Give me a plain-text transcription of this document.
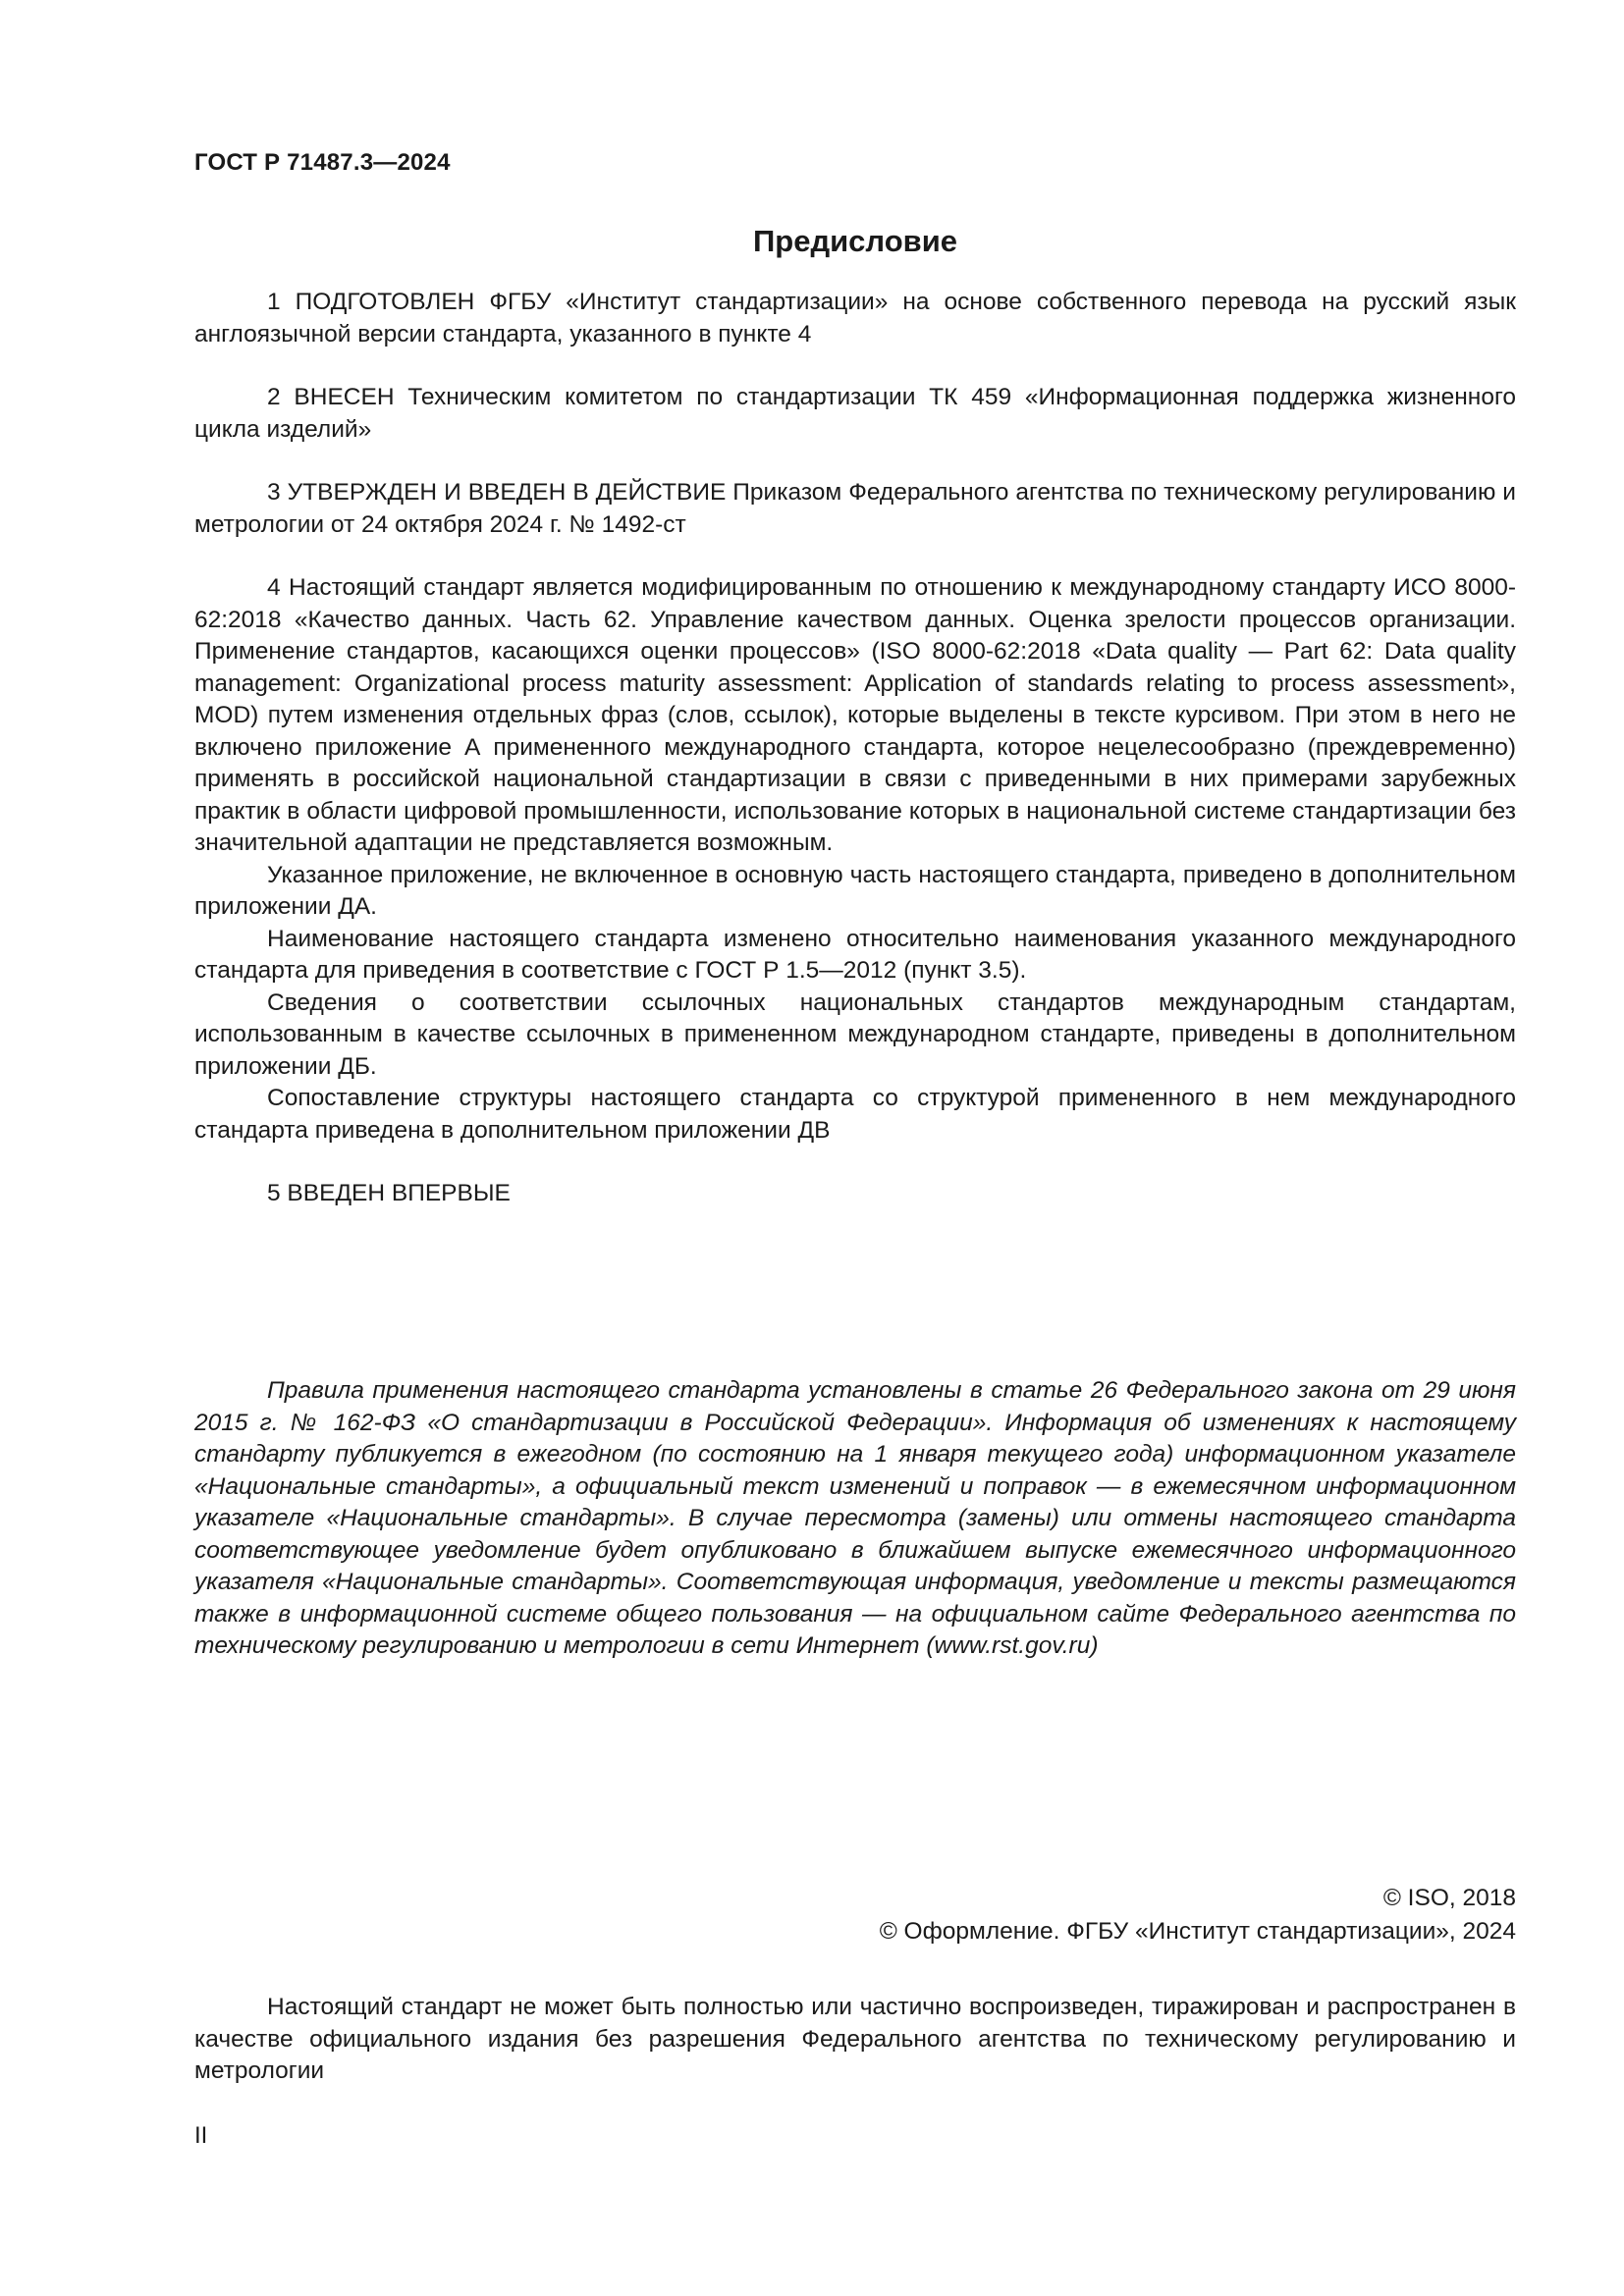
ГОСТ Р 71487.3—2024
Предисловие

1 ПОДГОТОВЛЕН ФГБУ «Институт стандартизации» на основе собственного перевода на русский язык англоязычной версии стандарта, указанного в пункте 4

2 ВНЕСЕН Техническим комитетом по стандартизации ТК 459 «Информационная поддержка жизненного цикла изделий»

3 УТВЕРЖДЕН И ВВЕДЕН В ДЕЙСТВИЕ Приказом Федерального агентства по техническому регулированию и метрологии от 24 октября 2024 г. № 1492-ст

4 Настоящий стандарт является модифицированным по отношению к международному стандарту ИСО 8000-62:2018 «Качество данных. Часть 62. Управление качеством данных. Оценка зрелости процессов организации. Применение стандартов, касающихся оценки процессов» (ISO 8000-62:2018 «Data quality — Part 62: Data quality management: Organizational process maturity assessment: Application of standards relating to process assessment», MOD) путем изменения отдельных фраз (слов, ссылок), которые выделены в тексте курсивом. При этом в него не включено приложение А примененного международного стандарта, которое нецелесообразно (преждевременно) применять в российской национальной стандартизации в связи с приведенными в них примерами зарубежных практик в области цифровой промышленности, использование которых в национальной системе стандартизации без значительной адаптации не представляется возможным.

Указанное приложение, не включенное в основную часть настоящего стандарта, приведено в дополнительном приложении ДА.

Наименование настоящего стандарта изменено относительно наименования указанного международного стандарта для приведения в соответствие с ГОСТ Р 1.5—2012 (пункт 3.5).

Сведения о соответствии ссылочных национальных стандартов международным стандартам, использованным в качестве ссылочных в примененном международном стандарте, приведены в дополнительном приложении ДБ.

Сопоставление структуры настоящего стандарта со структурой примененного в нем международного стандарта приведена в дополнительном приложении ДВ

5 ВВЕДЕН ВПЕРВЫЕ

Правила применения настоящего стандарта установлены в статье 26 Федерального закона от 29 июня 2015 г. № 162-ФЗ «О стандартизации в Российской Федерации». Информация об изменениях к настоящему стандарту публикуется в ежегодном (по состоянию на 1 января текущего года) информационном указателе «Национальные стандарты», а официальный текст изменений и поправок — в ежемесячном информационном указателе «Национальные стандарты». В случае пересмотра (замены) или отмены настоящего стандарта соответствующее уведомление будет опубликовано в ближайшем выпуске ежемесячного информационного указателя «Национальные стандарты». Соответствующая информация, уведомление и тексты размещаются также в информационной системе общего пользования — на официальном сайте Федерального агентства по техническому регулированию и метрологии в сети Интернет (www.rst.gov.ru)

© ISO, 2018
© Оформление. ФГБУ «Институт стандартизации», 2024

Настоящий стандарт не может быть полностью или частично воспроизведен, тиражирован и распространен в качестве официального издания без разрешения Федерального агентства по техническому регулированию и метрологии

II
